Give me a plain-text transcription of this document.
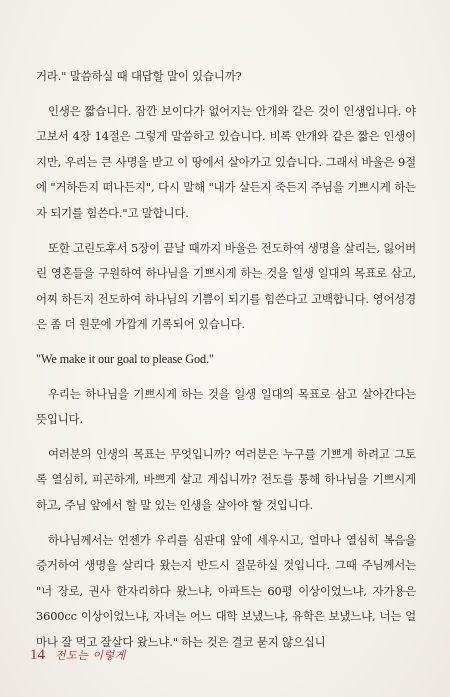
거라." 말씀하실 때 대답할 말이 있습니까?

인생은 짧습니다. 잠깐 보이다가 없어지는 안개와 같은 것이 인생입니다. 야고보서 4장 14절은 그렇게 말씀하고 있습니다. 비록 안개와 같은 짧은 인생이지만, 우리는 큰 사명을 받고 이 땅에서 살아가고 있습니다. 그래서 바울은 9절에 "거하든지 떠나든지", 다시 말해 "내가 살든지 죽든지 주님을 기쁘시게 하는 자 되기를 힘쓴다."고 말합니다.

또한 고린도후서 5장이 끝날 때까지 바울은 전도하여 생명을 살리는, 잃어버린 영혼들을 구원하여 하나님을 기쁘시게 하는 것을 일생 일대의 목표로 삼고, 어찌 하든지 전도하여 하나님의 기쁨이 되기를 힘쓴다고 고백합니다. 영어성경은 좀 더 원문에 가깝게 기록되어 있습니다.

"We make it our goal to please God."

우리는 하나님을 기쁘시게 하는 것을 일생 일대의 목표로 삼고 살아간다는 뜻입니다.

여러분의 인생의 목표는 무엇입니까? 여러분은 누구를 기쁘게 하려고 그토록 열심히, 피곤하게, 바쁘게 살고 계십니까? 전도를 통해 하나님을 기쁘시게 하고, 주님 앞에서 할 말 있는 인생을 살아야 할 것입니다.

하나님께서는 언젠가 우리를 심판대 앞에 세우시고, 얼마나 열심히 복음을 증거하여 생명을 살리다 왔는지 반드시 질문하실 것입니다. 그때 주님께서는 "너 장로, 권사 한자리하다 왔느냐, 아파트는 60평 이상이었느냐, 자가용은 3600cc 이상이었느냐, 자녀는 어느 대학 보냈느냐, 유학은 보냈느냐, 너는 얼마나 잘 먹고 잘살다 왔느냐." 하는 것은 결코 묻지 않으십니

14 전도는 이렇게
